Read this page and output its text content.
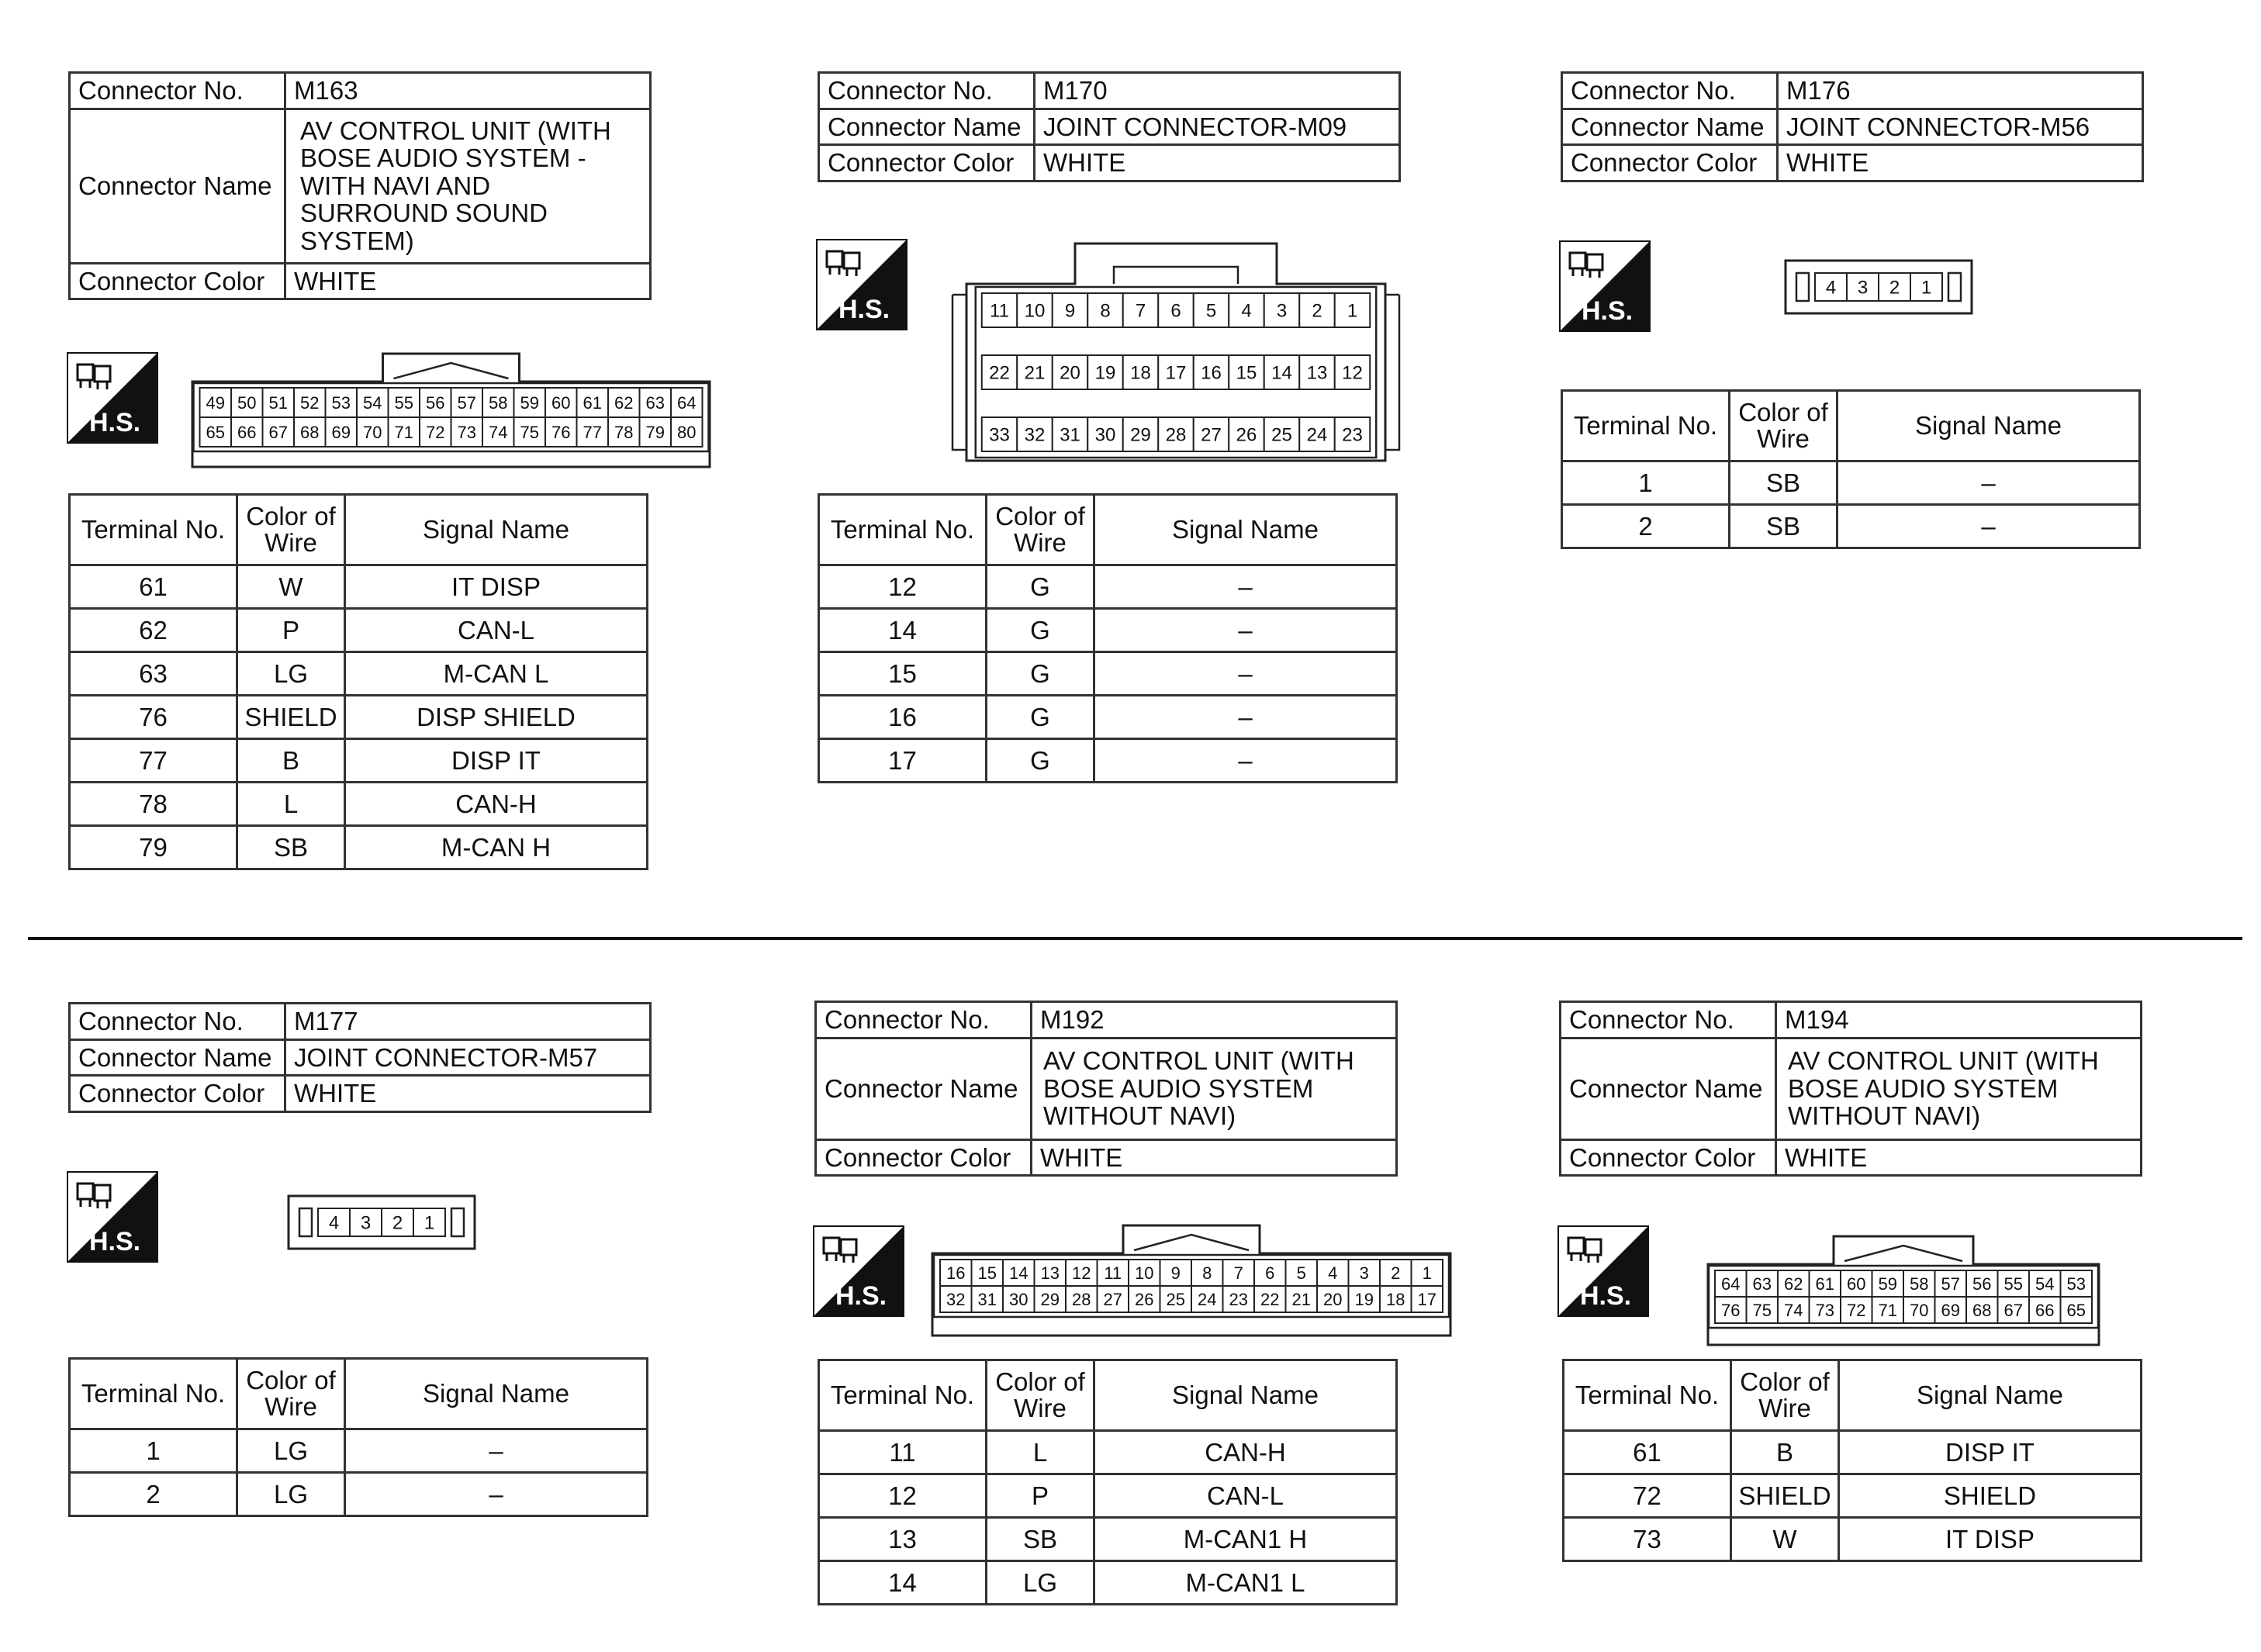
Connector No.	M163
Connector Name	AV CONTROL UNIT (WITH BOSE AUDIO SYSTEM - WITH NAVI AND SURROUND SOUND SYSTEM)
Connector Color	WHITE
H.S.
49 50 51 52 53 54 55 56 57 58 59 60 61 62 63 64
65 66 67 68 69 70 71 72 73 74 75 76 77 78 79 80
Terminal No.	Color of Wire	Signal Name
61	W	IT DISP
62	P	CAN-L
63	LG	M-CAN L
76	SHIELD	DISP SHIELD
77	B	DISP IT
78	L	CAN-H
79	SB	M-CAN H
Connector No.	M170
Connector Name	JOINT CONNECTOR-M09
Connector Color	WHITE
H.S.	11 10 9 8 7 6 5 4 3 2 1
22 21 20 19 18 17 16 15 14 13 12
33 32 31 30 29 28 27 26 25 24 23
Terminal No.	Color of Wire	Signal Name
12	G	–
14	G	–
15	G	–
16	G	–
17	G	–
Connector No.	M176
Connector Name	JOINT CONNECTOR-M56
Connector Color	WHITE
H.S.
4 3 2 1
Terminal No.	Color of Wire	Signal Name
1	SB	–
2	SB	–
Connector No.	M177
Connector Name	JOINT CONNECTOR-M57
Connector Color	WHITE
H.S.
4 3 2 1
Terminal No.	Color of Wire	Signal Name
1	LG	–
2	LG	–
Connector No.	M192
Connector Name	AV CONTROL UNIT (WITH BOSE AUDIO SYSTEM WITHOUT NAVI)
Connector Color	WHITE
H.S.
16 15 14 13 12 11 10 9 8 7 6 5 4 3 2 1
32 31 30 29 28 27 26 25 24 23 22 21 20 19 18 17
Terminal No.	Color of Wire	Signal Name
11	L	CAN-H
12	P	CAN-L
13	SB	M-CAN1 H
14	LG	M-CAN1 L
Connector No.	M194
Connector Name	AV CONTROL UNIT (WITH BOSE AUDIO SYSTEM WITHOUT NAVI)
Connector Color	WHITE
H.S.	64 63 62 61 60 59 58 57 56 55 54 53
76 75 74 73 72 71 70 69 68 67 66 65
Terminal No.	Color of Wire	Signal Name
61	B	DISP IT
72	SHIELD	SHIELD
73	W	IT DISP
